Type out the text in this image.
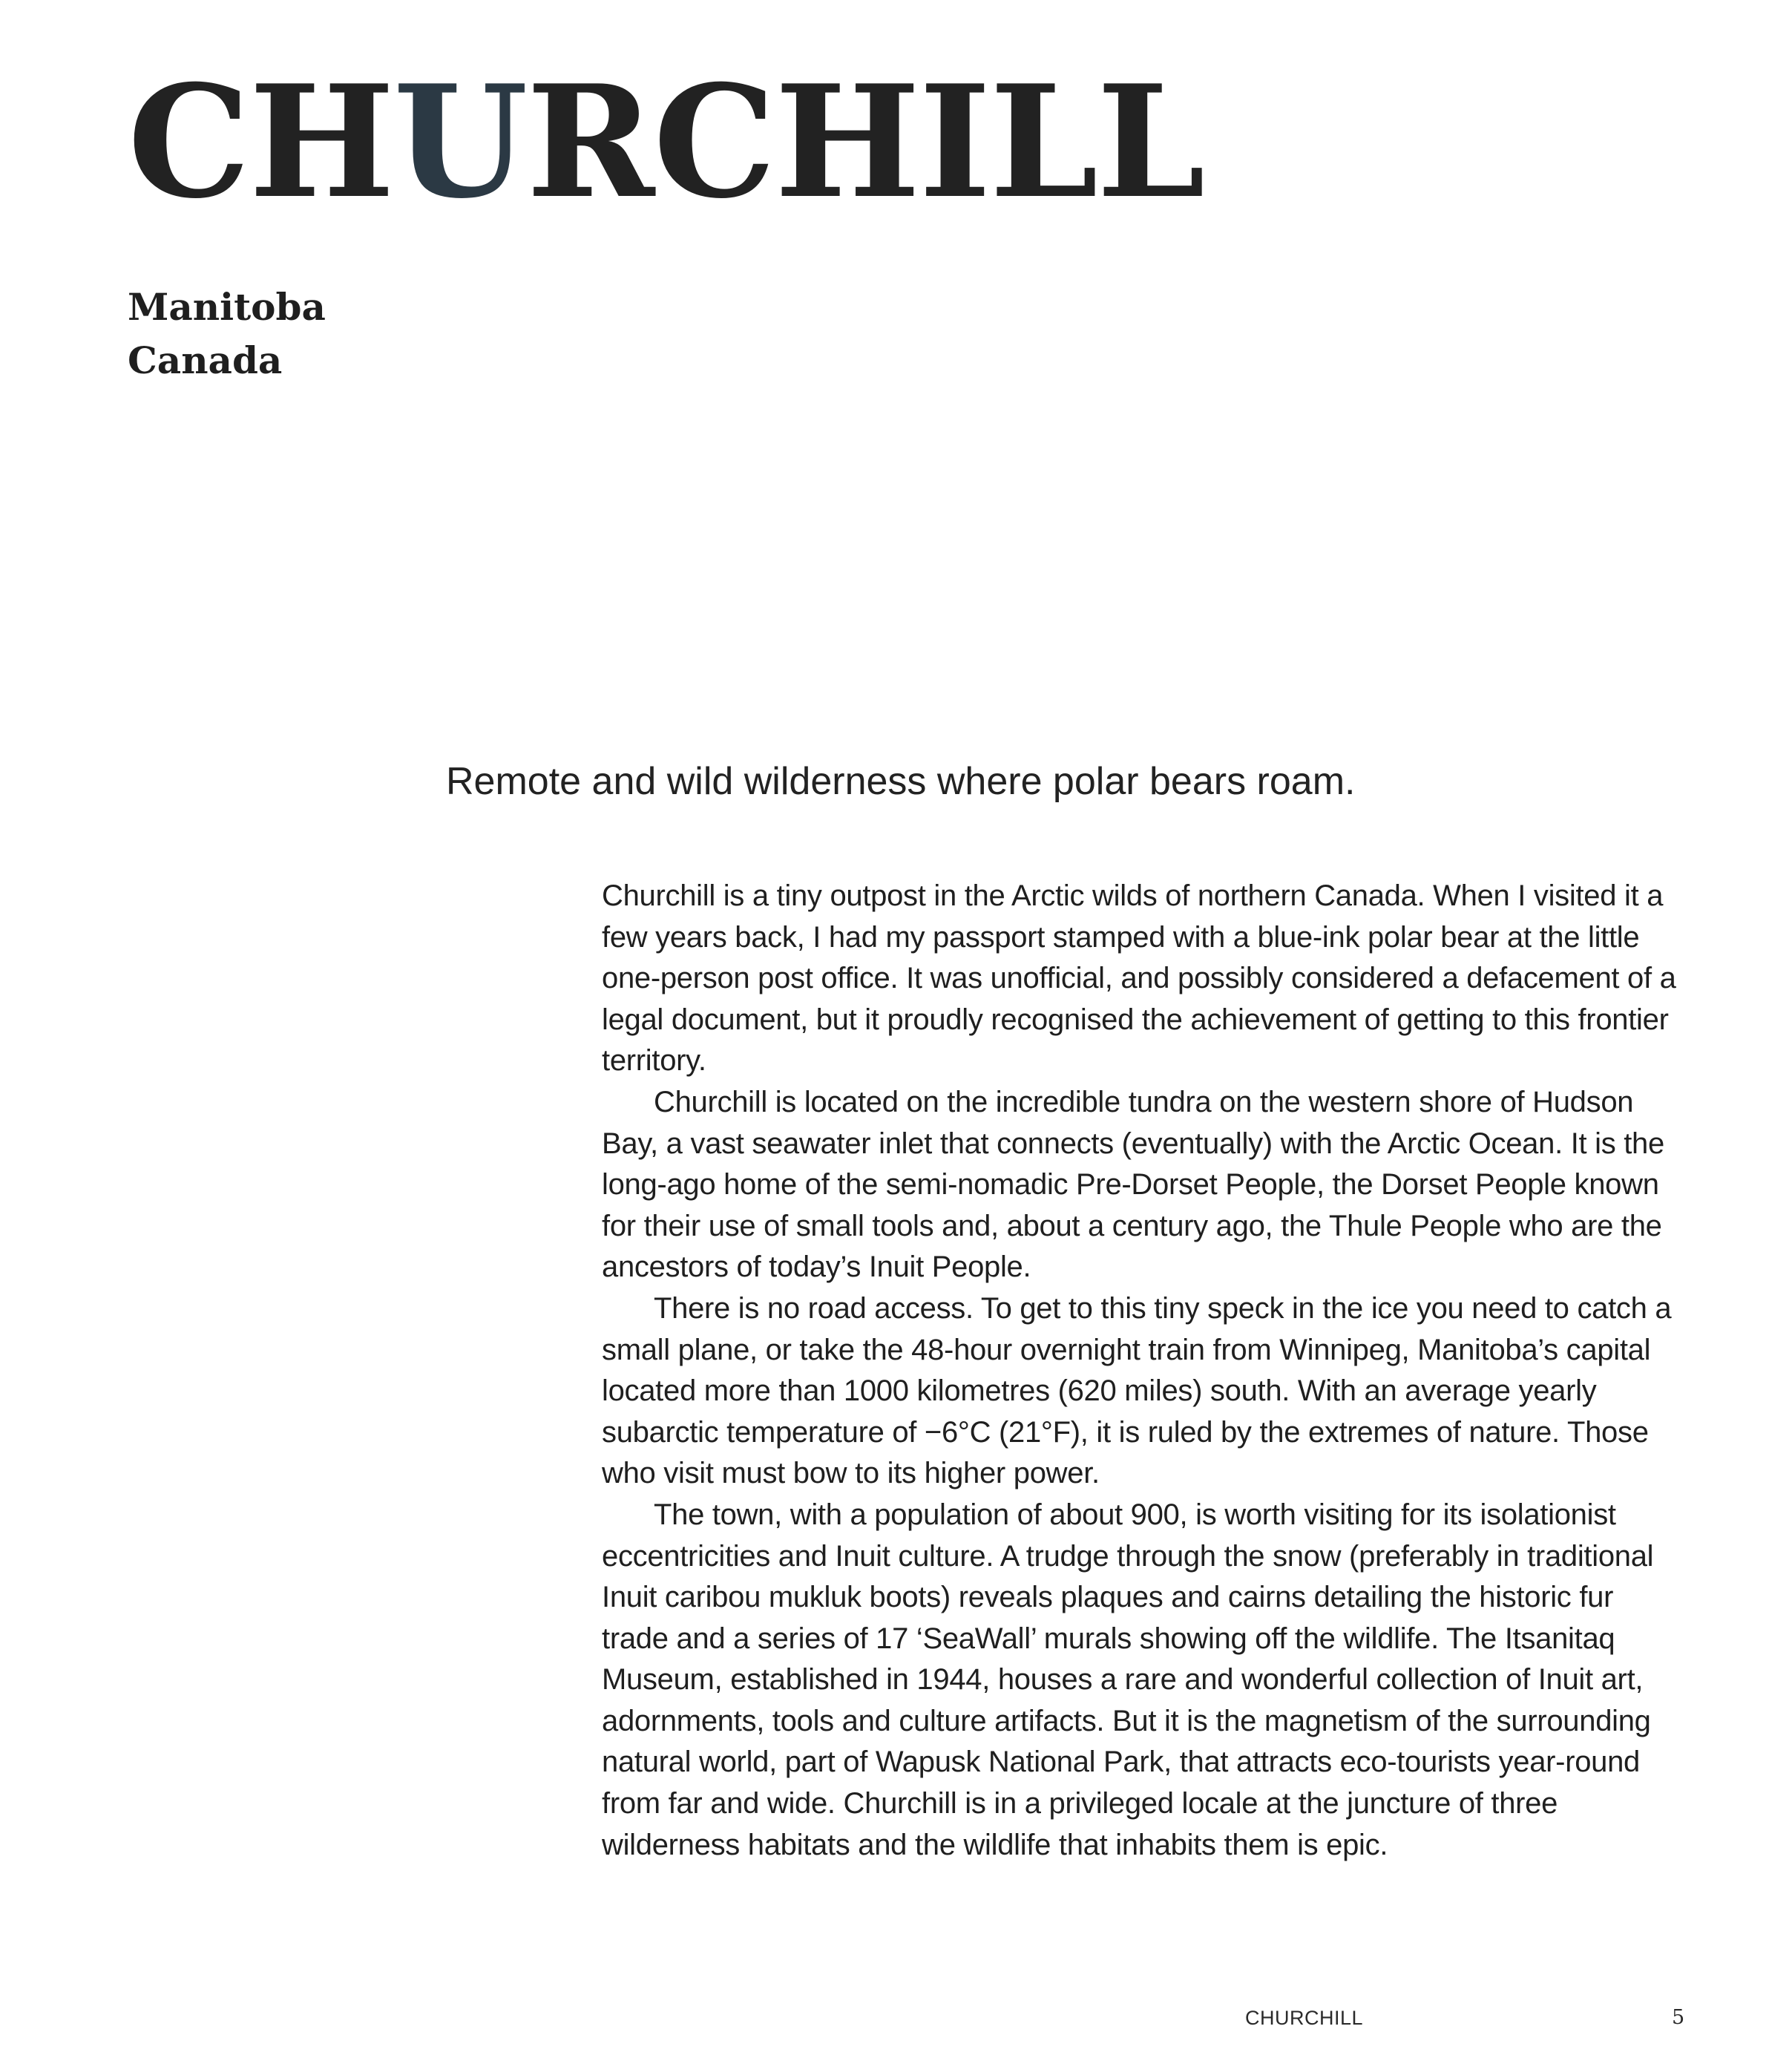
CHURCHILL
Manitoba
Canada
Remote and wild wilderness where polar bears roam.

Churchill is a tiny outpost in the Arctic wilds of northern Canada. When I visited it a few years back, I had my passport stamped with a blue-ink polar bear at the little one-person post office. It was unofficial, and possibly considered a defacement of a legal document, but it proudly recognised the achievement of getting to this frontier territory.

Churchill is located on the incredible tundra on the western shore of Hudson Bay, a vast seawater inlet that connects (eventually) with the Arctic Ocean. It is the long-ago home of the semi-nomadic Pre-Dorset People, the Dorset People known for their use of small tools and, about a century ago, the Thule People who are the ancestors of today’s Inuit People.

There is no road access. To get to this tiny speck in the ice you need to catch a small plane, or take the 48-hour overnight train from Winnipeg, Manitoba’s capital located more than 1000 kilometres (620 miles) south. With an average yearly subarctic temperature of −6°C (21°F), it is ruled by the extremes of nature. Those who visit must bow to its higher power.

The town, with a population of about 900, is worth visiting for its isolationist eccentricities and Inuit culture. A trudge through the snow (preferably in traditional Inuit caribou mukluk boots) reveals plaques and cairns detailing the historic fur trade and a series of 17 ‘SeaWall’ murals showing off the wildlife. The Itsanitaq Museum, established in 1944, houses a rare and wonderful collection of Inuit art, adornments, tools and culture artifacts. But it is the magnetism of the surrounding natural world, part of Wapusk National Park, that attracts eco-tourists year-round from far and wide. Churchill is in a privileged locale at the juncture of three wilderness habitats and the wildlife that inhabits them is epic.

CHURCHILL	5
